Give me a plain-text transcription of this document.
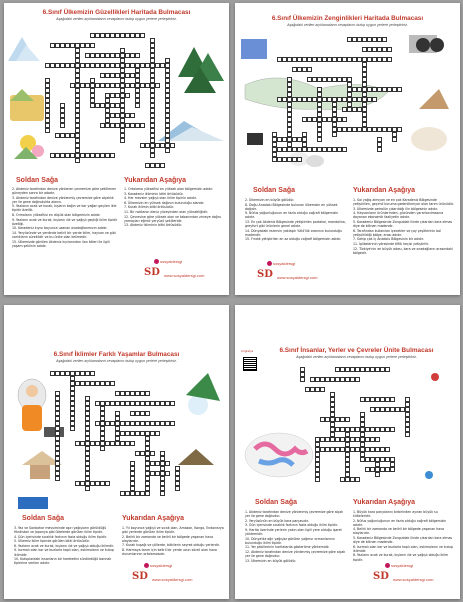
6.Sınıf Ülkemizin Güzellikleri Haritada Bulmacası
Aşağıdaki verilen açıklamaların cevaplarını bulup uygun yerlere yerleştiriniz.
Soldan Sağa	Yukarıdan Aşağıya
2. Akdeniz tarafından denize yönlenen çevremize göre şekillenen güneyden sonra bir adadır.
3. Akdeniz tarafından denize yönlenmiş çevremize göre alçaklık yer ile gene doğrudukta alanın.
5. Yazlanın ocak ve kurak, kışların bağın ve kar yağan geçilen ikle tipidir özellik.
8. Ormaların yükseltisi en düşük olan bölgemizin adıdır.
9. Yazların ocak ve kurak, kışların ılık ve yağışlı geçtiği iklim tipidir özelliği.
10. Karadeniz kıyısı boyunca uzanan ovadağlarımızın adıdır.
14. Yeryüzünde ve yerdinde belirli bir yerde iklim, hayvan ve gibi varlıkların süreklidir ve bu ünite olan kelimedir.
15. Ülkemizde görülen Akdeniz kıyılarından ilan köleri ile ilgili yaşam şeklinin adıdır.
1. Ortalama yükseltisi en yüksek olan bölgemizin adıdır.
3. Karadeniz ikliminin bitki örtüsüdür.
4. Her mevsim yağışlı olan iklim tipinin adıdır.
6. Ülkemizin en yüksek dağının bulunduğu alandır.
7. Kurak iklimin bitki örtüsüdür.
11. Bir noktanın deniz yüzeyinden olan yüksekliğidir.
12. Çevresine göre yüksek olan ve tabanından zirveye doğru yamaçları eğimli yeryüzü şekilleridir.
13. Akdeniz ikliminin bitki örtüsüdür.
sosyaldersgi
SD www.sosyaldersgi.com
6.Sınıf Ülkemizin Zenginlikleri Haritada Bulmacası
Aşağıdaki verilen açıklamaların cevaplarını bulup uygun yerlere yerleştiriniz.
Soldan Sağa	Yukarıdan Aşağıya
2. Ülkemizin en büyük gölüdür.
8. Doğu Anadolu Bölgesinde bulunan ülkemizin en yüksek dağıdır.
9. Nüfus yoğunluğunun en fazla olduğu coğrafi bölgemizin adıdır.
13. En çok Akdeniz Bölgesinde yetiştirilen portakal, mandalina, greyfurt gibi ürünlerin genel adıdır.
14. Dünyadaki rezervin yaklaşık %64'lük oranının bulunduğu madendir.
15. Fındık yetiştirilen en az olduğu coğrafi bölgemizin adıdır.
1. Sol yağış almıyan ve en çok Karadeniz Bölgesinde yetiştirilen, geçimli kuruma gedenlikmiyor olan tarım ürünüdür.
3. Ülkemizde petrolün çıkarıldığı ilin bölgesinin adıdır.
4. Hayvanların ürünlerinden, gücünden yararlanılmasına dayanan ekonomik faaliyetin adıdır.
5. Karadeniz Bölgesinde Zonguldak ilinde çıkarılan kara elmas diye de bilinen madendir.
6. Tarafından kullanılan içecekler ve çay çeşitlerinin bol yetiştirildiği bölge, arası adıdır.
7. Sahip çok İç Anadolu Bölgesinin bir adıdır.
11. İplikelerinin yöresinde tiftik keçisi yetiştirilir.
12. Türkiye'nin en büyük adası, kara ve sıradağların arasındaki bölgedir.
sosyaldersgi
SD www.sosyaldersgi.com
6.Sınıf İklimler Farklı Yaşamlar Bulmacası
Aşağıdaki verilen açıklamaların cevaplarını bulup uygun yerlere yerleştiriniz.
Soldan Sağa	Yukarıdan Aşağıya
3. Yaz ve Sonbahar mevsiminde aşırı yağışların görüldüğü Hindistan ve Japonya gibi ülkelerde görülen iklim tipidir.
4. Gün içerisinde sıcaklık farkının fazla olduğu iklim tipidir.
5. Ülkemiz iklim tipinde görülen bitki örtüsüdür.
6. Yazların ocak ve kurak, kışların ılık ve yağışlı olduğu iklimdir.
9. Isırmalı olan kar ve buzlarla kaplı olan, eskimoların ve kutup iklimidir.
10. Kutuplardaki insanların bir hareketini sürdürdüğü barınak tiplerine verilen adıdır.
1. Yıl boyunca yağışlı ve sıcak olan, Amazon, Kongo, Endonezya gibi yerlerde görülen iklim tipidir.
2. Belirli bir zamanda ve belirli bir bölgede yaşanan hava olaylarıdır.
7. Kurak kuşağı ve çöllerde, bitkilerin seyrek olduğu yerlerdir.
8. Harmaya tarım için belirli bir yerde uzun süreli olan hava durumlarının ortalamasıdır.
sosyaldersgi
SD www.sosyaldersgi.com
Coğrafya	6.Sınıf İnsanlar, Yerler ve Çevreler Ünite Bulmacası
Aşağıdaki verilen açıklamaların cevaplarını bulup uygun yerlere yerleştiriniz.
Soldan Sağa	Yukarıdan Aşağıya
1. Akdeniz tarafından denize yönlenmiş çevremize göre alçak yer ile gene doğrudur.
2. Yeryüzünün en büyük kara parçasıdır.
3. Gün içerisinde sıcaklık farkının fazla olduğu iklim tipidir.
9. Harita üzerinde yerlerin yakın olan ilgili yere olduğu işaret yöntemidir.
10. Dünya'da ağır yağışlar görülen yağmur ormanlarının bulunduğu iklim tipidir.
11. Yer şekillerinin haritalarda gösterilme yöntemidir.
12. Akdeniz tarafından denize yönlenmiş çevremize göre alçak yer ile gene doğrudur.
13. Ülkemizin en büyük gölüdür.
1. Büyük kara parçalarını birbirinden ayıran büyük su kütleleridir.
2. Nüfus yoğunluğunun en fazla olduğu coğrafi bölgemizin adıdır.
4. Belirli bir zamanda ve belirli bir bölgede yaşanan hava olaylarıdır.
5. Karadeniz Bölgesinde Zonguldak ilinde çıkarılan kara elmas diye de bilinen madendir.
6. Isırmalı olan kar ve buzlarla kaplı olan, eskimoların ve kutup iklimidir.
8. Yazların ocak ve kurak, kışların ılık ve yağışlı olduğu iklim tipidir.
sosyaldersgi
SD www.sosyaldersgi.com
